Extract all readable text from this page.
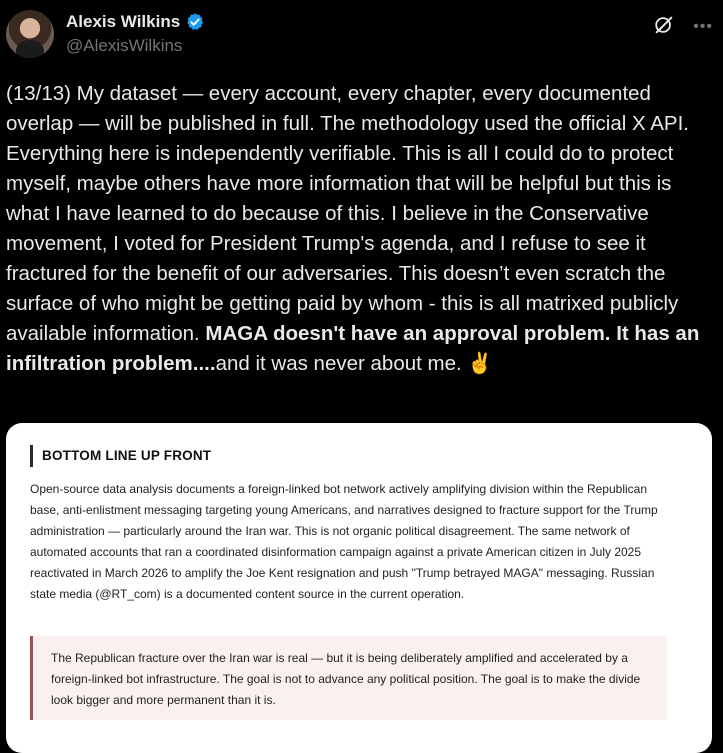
Alexis Wilkins
@AlexisWilkins
•••

(13/13) My dataset — every account, every chapter, every documented overlap — will be published in full. The methodology used the official X API. Everything here is independently verifiable. This is all I could do to protect myself, maybe others have more information that will be helpful but this is what I have learned to do because of this. I believe in the Conservative movement, I voted for President Trump's agenda, and I refuse to see it fractured for the benefit of our adversaries. This doesn’t even scratch the surface of who might be getting paid by whom - this is all matrixed publicly available information. MAGA doesn't have an approval problem. It has an infiltration problem....and it was never about me. ✌️

BOTTOM LINE UP FRONT

Open-source data analysis documents a foreign-linked bot network actively amplifying division within the Republican base, anti-enlistment messaging targeting young Americans, and narratives designed to fracture support for the Trump administration — particularly around the Iran war. This is not organic political disagreement. The same network of automated accounts that ran a coordinated disinformation campaign against a private American citizen in July 2025 reactivated in March 2026 to amplify the Joe Kent resignation and push "Trump betrayed MAGA" messaging. Russian state media (@RT_com) is a documented content source in the current operation.

The Republican fracture over the Iran war is real — but it is being deliberately amplified and accelerated by a foreign-linked bot infrastructure. The goal is not to advance any political position. The goal is to make the divide look bigger and more permanent than it is.
